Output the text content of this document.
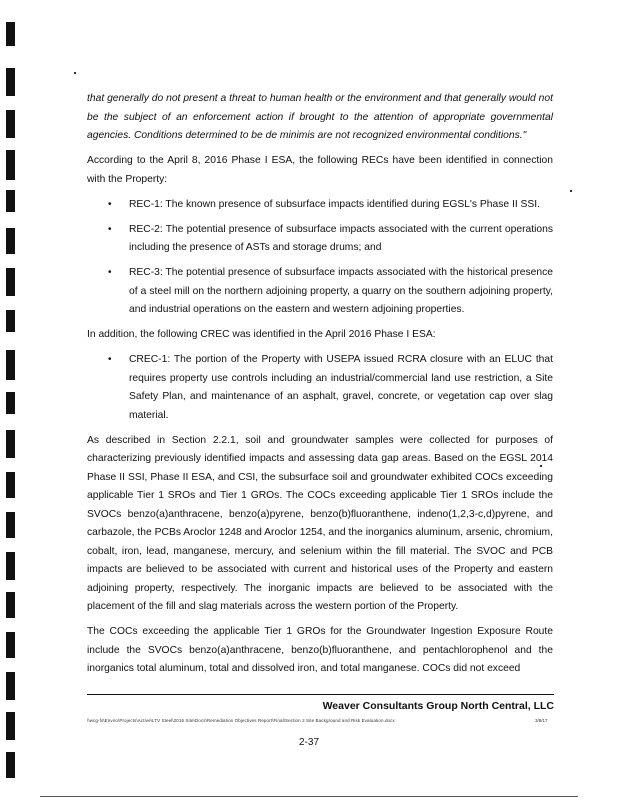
that generally do not present a threat to human health or the environment and that generally would not be the subject of an enforcement action if brought to the attention of appropriate governmental agencies. Conditions determined to be de minimis are not recognized environmental conditions."

According to the April 8, 2016 Phase I ESA, the following RECs have been identified in connection with the Property:

• REC-1: The known presence of subsurface impacts identified during EGSL's Phase II SSI.
• REC-2: The potential presence of subsurface impacts associated with the current operations including the presence of ASTs and storage drums; and
• REC-3: The potential presence of subsurface impacts associated with the historical presence of a steel mill on the northern adjoining property, a quarry on the southern adjoining property, and industrial operations on the eastern and western adjoining properties.

In addition, the following CREC was identified in the April 2016 Phase I ESA:

• CREC-1: The portion of the Property with USEPA issued RCRA closure with an ELUC that requires property use controls including an industrial/commercial land use restriction, a Site Safety Plan, and maintenance of an asphalt, gravel, concrete, or vegetation cap over slag material.

As described in Section 2.2.1, soil and groundwater samples were collected for purposes of characterizing previously identified impacts and assessing data gap areas. Based on the EGSL 2014 Phase II SSI, Phase II ESA, and CSI, the subsurface soil and groundwater exhibited COCs exceeding applicable Tier 1 SROs and Tier 1 GROs. The COCs exceeding applicable Tier 1 SROs include the SVOCs benzo(a)anthracene, benzo(a)pyrene, benzo(b)fluoranthene, indeno(1,2,3-c,d)pyrene, and carbazole, the PCBs Aroclor 1248 and Aroclor 1254, and the inorganics aluminum, arsenic, chromium, cobalt, iron, lead, manganese, mercury, and selenium within the fill material. The SVOC and PCB impacts are believed to be associated with current and historical uses of the Property and eastern adjoining property, respectively. The inorganic impacts are believed to be associated with the placement of the fill and slag materials across the western portion of the Property.

The COCs exceeding the applicable Tier 1 GROs for the Groundwater Ingestion Exposure Route include the SVOCs benzo(a)anthracene, benzo(b)fluoranthene, and pentachlorophenol and the inorganics total aluminum, total and dissolved iron, and total manganese. COCs did not exceed

Weaver Consultants Group North Central, LLC
\\wcg-fs\Enviro\Projects\Active\LTV Steel\2016 Site\Docs\Remediation Objectives Report\Final\Section 2 Site Background and Risk Evaluation.docx	3/8/17
2-37
